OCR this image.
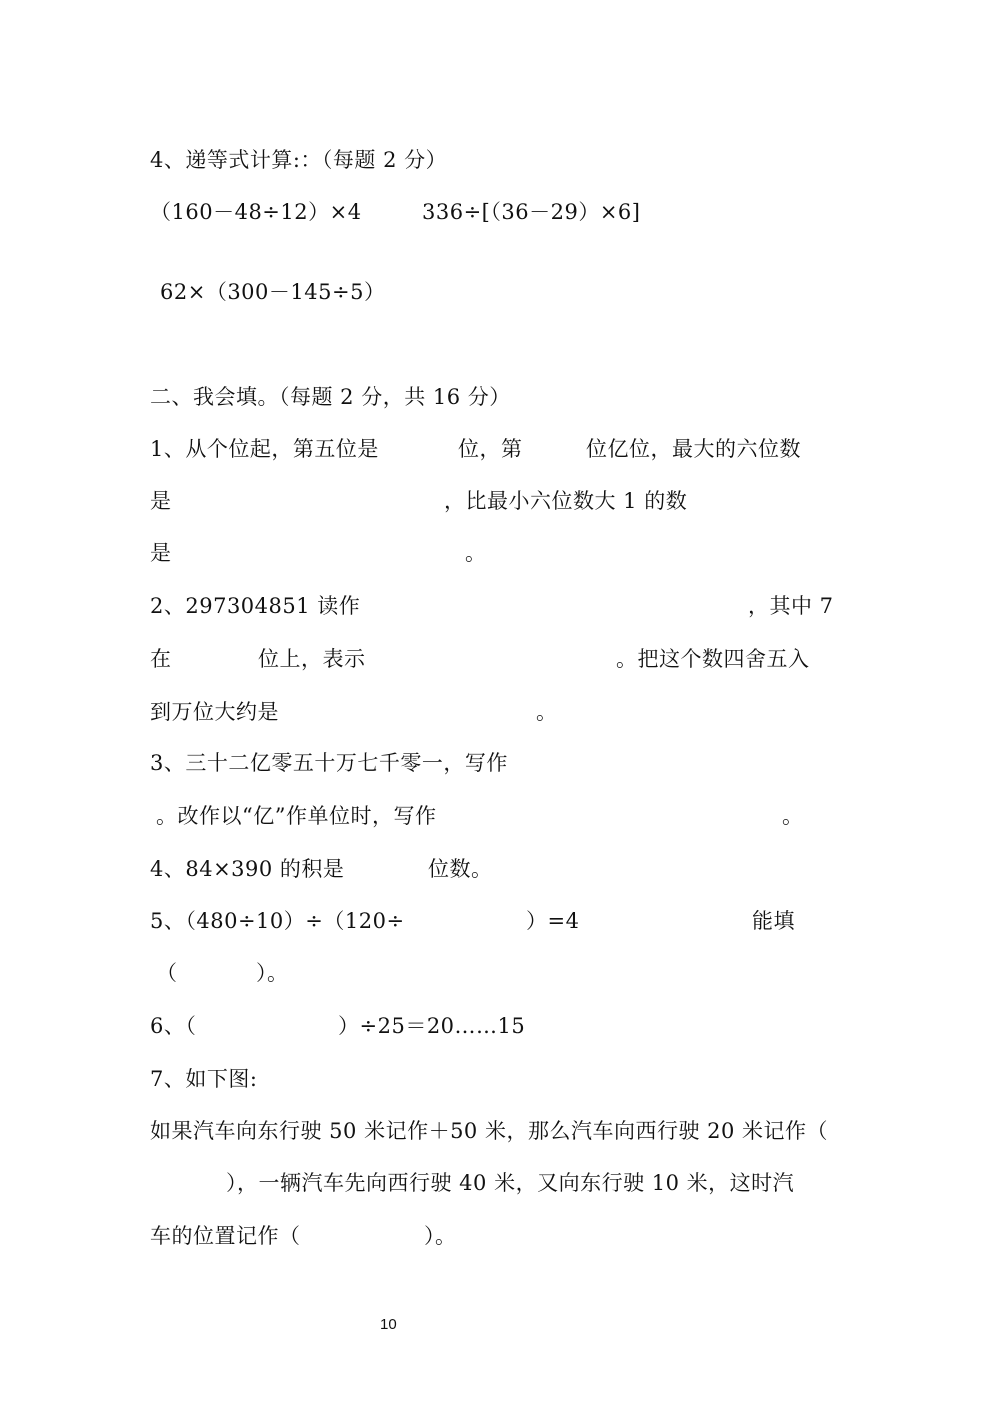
4、递等式计算:：（每题 2 分）
（160－48÷12）×4	336÷[（36－29）×6]
62×（300－145÷5）
二、我会填。（每题 2 分，共 16 分）
1、从个位起，第五位是	位，第	位亿位，最大的六位数
是	，比最小六位数大 1 的数
是	。
2、297304851 读作	，其中 7
在	位上，表示	。把这个数四舍五入
到万位大约是	。
3、三十二亿零五十万七千零一，写作
。改作以“亿”作单位时，写作	。
4、84×390 的积是	位数。
5、（480÷10）÷（120÷	）=4	能填
（	）。
6、（	）÷25＝20……15
7、如下图:
如果汽车向东行驶 50 米记作＋50 米，那么汽车向西行驶 20 米记作（
），一辆汽车先向西行驶 40 米，又向东行驶 10 米，这时汽
车的位置记作（	）。
10
